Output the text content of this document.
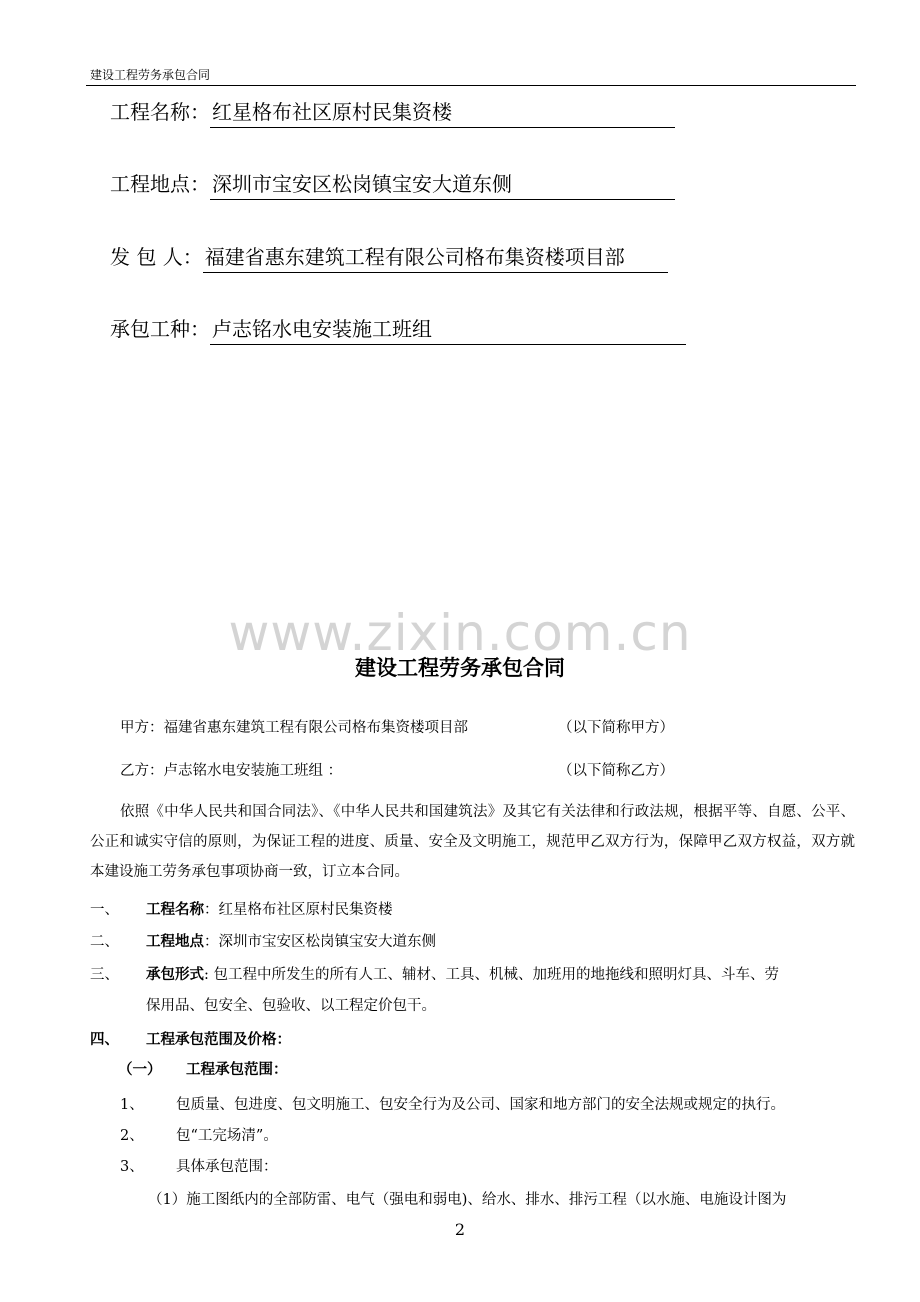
建设工程劳务承包合同
工程名称： 红星格布社区原村民集资楼
工程地点： 深圳市宝安区松岗镇宝安大道东侧
发 包 人： 福建省惠东建筑工程有限公司格布集资楼项目部
承包工种： 卢志铭水电安装施工班组
www.zixin.com.cn
建设工程劳务承包合同
甲方：福建省惠东建筑工程有限公司格布集资楼项目部	（以下简称甲方）
乙方：卢志铭水电安装施工班组 ：	（以下简称乙方）
依照《中华人民共和国合同法》、《中华人民共和国建筑法》及其它有关法律和行政法规，根据平等、自愿、公平、公正和诚实守信的原则，为保证工程的进度、质量、安全及文明施工，规范甲乙双方行为，保障甲乙双方权益，双方就本建设施工劳务承包事项协商一致，订立本合同。
一、 工程名称：红星格布社区原村民集资楼
二、 工程地点：深圳市宝安区松岗镇宝安大道东侧
三、 承包形式: 包工程中所发生的所有人工、辅材、工具、机械、加班用的地拖线和照明灯具、斗车、劳
保用品、包安全、包验收、以工程定价包干。
四、 工程承包范围及价格：
（一） 工程承包范围：
1、 包质量、包进度、包文明施工、包安全行为及公司、国家和地方部门的安全法规或规定的执行。
2、 包“工完场清”。
3、 具体承包范围：
（1）施工图纸内的全部防雷、电气（强电和弱电)、给水、排水、排污工程（以水施、电施设计图为
2
